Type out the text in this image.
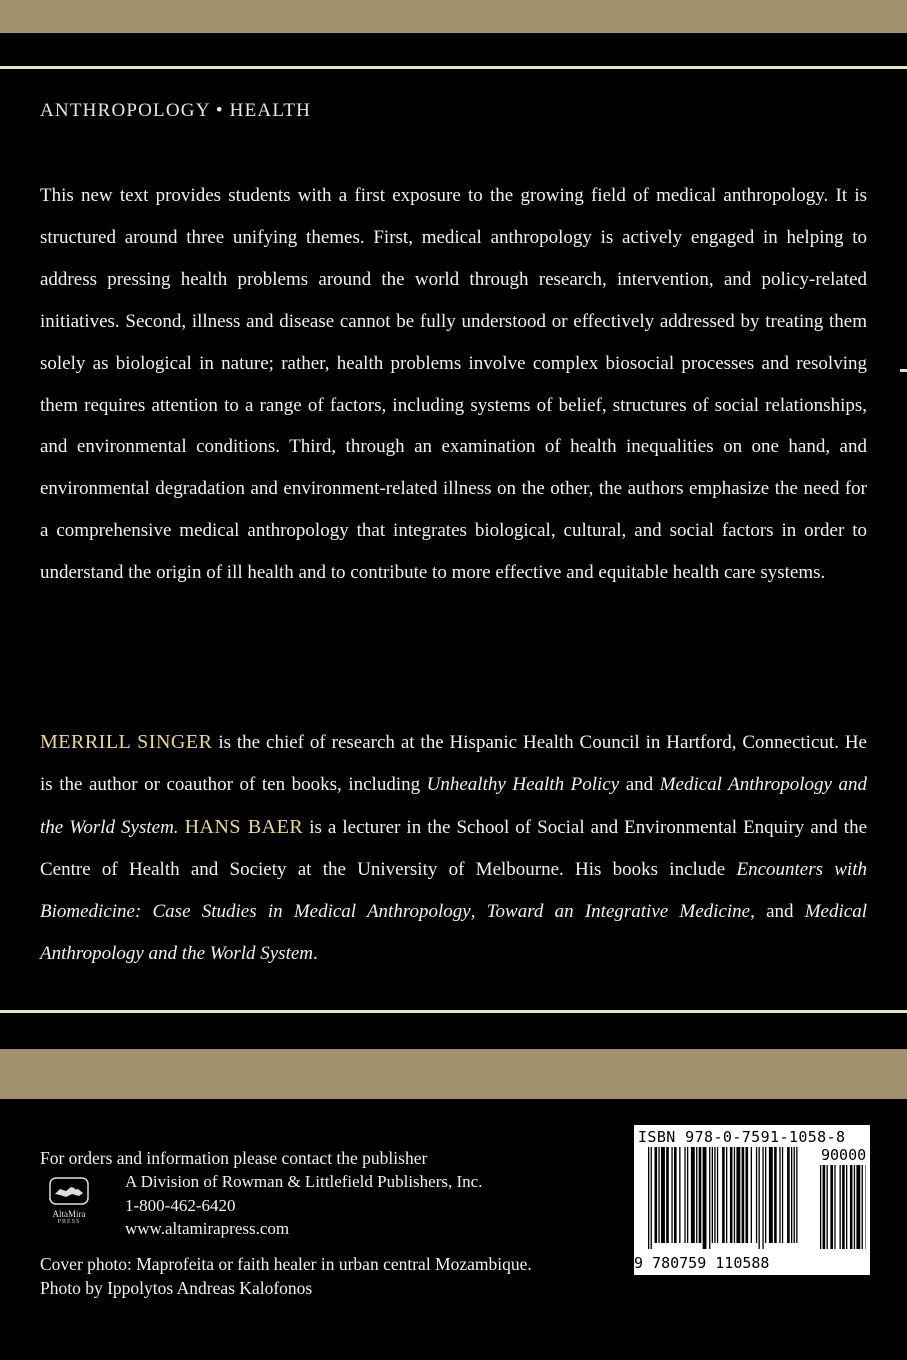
ANTHROPOLOGY • HEALTH

This new text provides students with a first exposure to the growing field of medical anthropology. It is structured around three unifying themes. First, medical anthropology is actively engaged in helping to address pressing health problems around the world through research, intervention, and policy-related initiatives. Second, illness and disease cannot be fully understood or effectively addressed by treating them solely as biological in nature; rather, health problems involve complex biosocial processes and resolving them requires attention to a range of factors, including systems of belief, structures of social relationships, and environmental conditions. Third, through an examination of health inequalities on one hand, and environmental degradation and environment-related illness on the other, the authors emphasize the need for a comprehensive medical anthropology that integrates biological, cultural, and social factors in order to understand the origin of ill health and to contribute to more effective and equitable health care systems.

MERRILL SINGER is the chief of research at the Hispanic Health Council in Hartford, Connecticut. He is the author or coauthor of ten books, including Unhealthy Health Policy and Medical Anthropology and the World System. HANS BAER is a lecturer in the School of Social and Environmental Enquiry and the Centre of Health and Society at the University of Melbourne. His books include Encounters with Biomedicine: Case Studies in Medical Anthropology, Toward an Integrative Medicine, and Medical Anthropology and the World System.

For orders and information please contact the publisher
AltaMira
PRESS
A Division of Rowman & Littlefield Publishers, Inc.
1-800-462-6420
www.altamirapress.com
Cover photo: Maprofeita or faith healer in urban central Mozambique.
Photo by Ippolytos Andreas Kalofonos
ISBN 978-0-7591-1058-8
90000
9 780759 110588
